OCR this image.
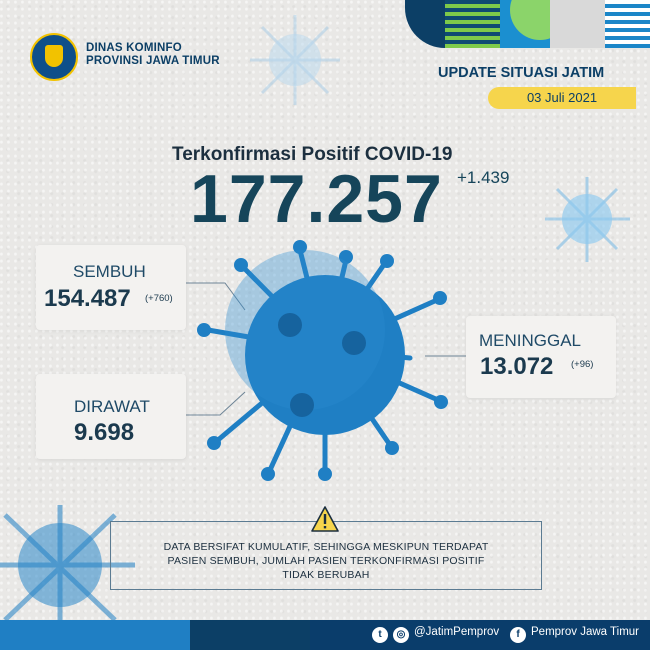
DINAS KOMINFO
PROVINSI JAWA TIMUR
UPDATE SITUASI JATIM
03 Juli 2021
Terkonfirmasi Positif COVID-19
177.257 +1.439
SEMBUH
154.487 (+760)
DIRAWAT
9.698
MENINGGAL
13.072 (+96)
DATA BERSIFAT KUMULATIF, SEHINGGA MESKIPUN TERDAPAT
PASIEN SEMBUH, JUMLAH PASIEN TERKONFIRMASI POSITIF
TIDAK BERUBAH
t	◎ @JatimPemprov	f Pemprov Jawa Timur
